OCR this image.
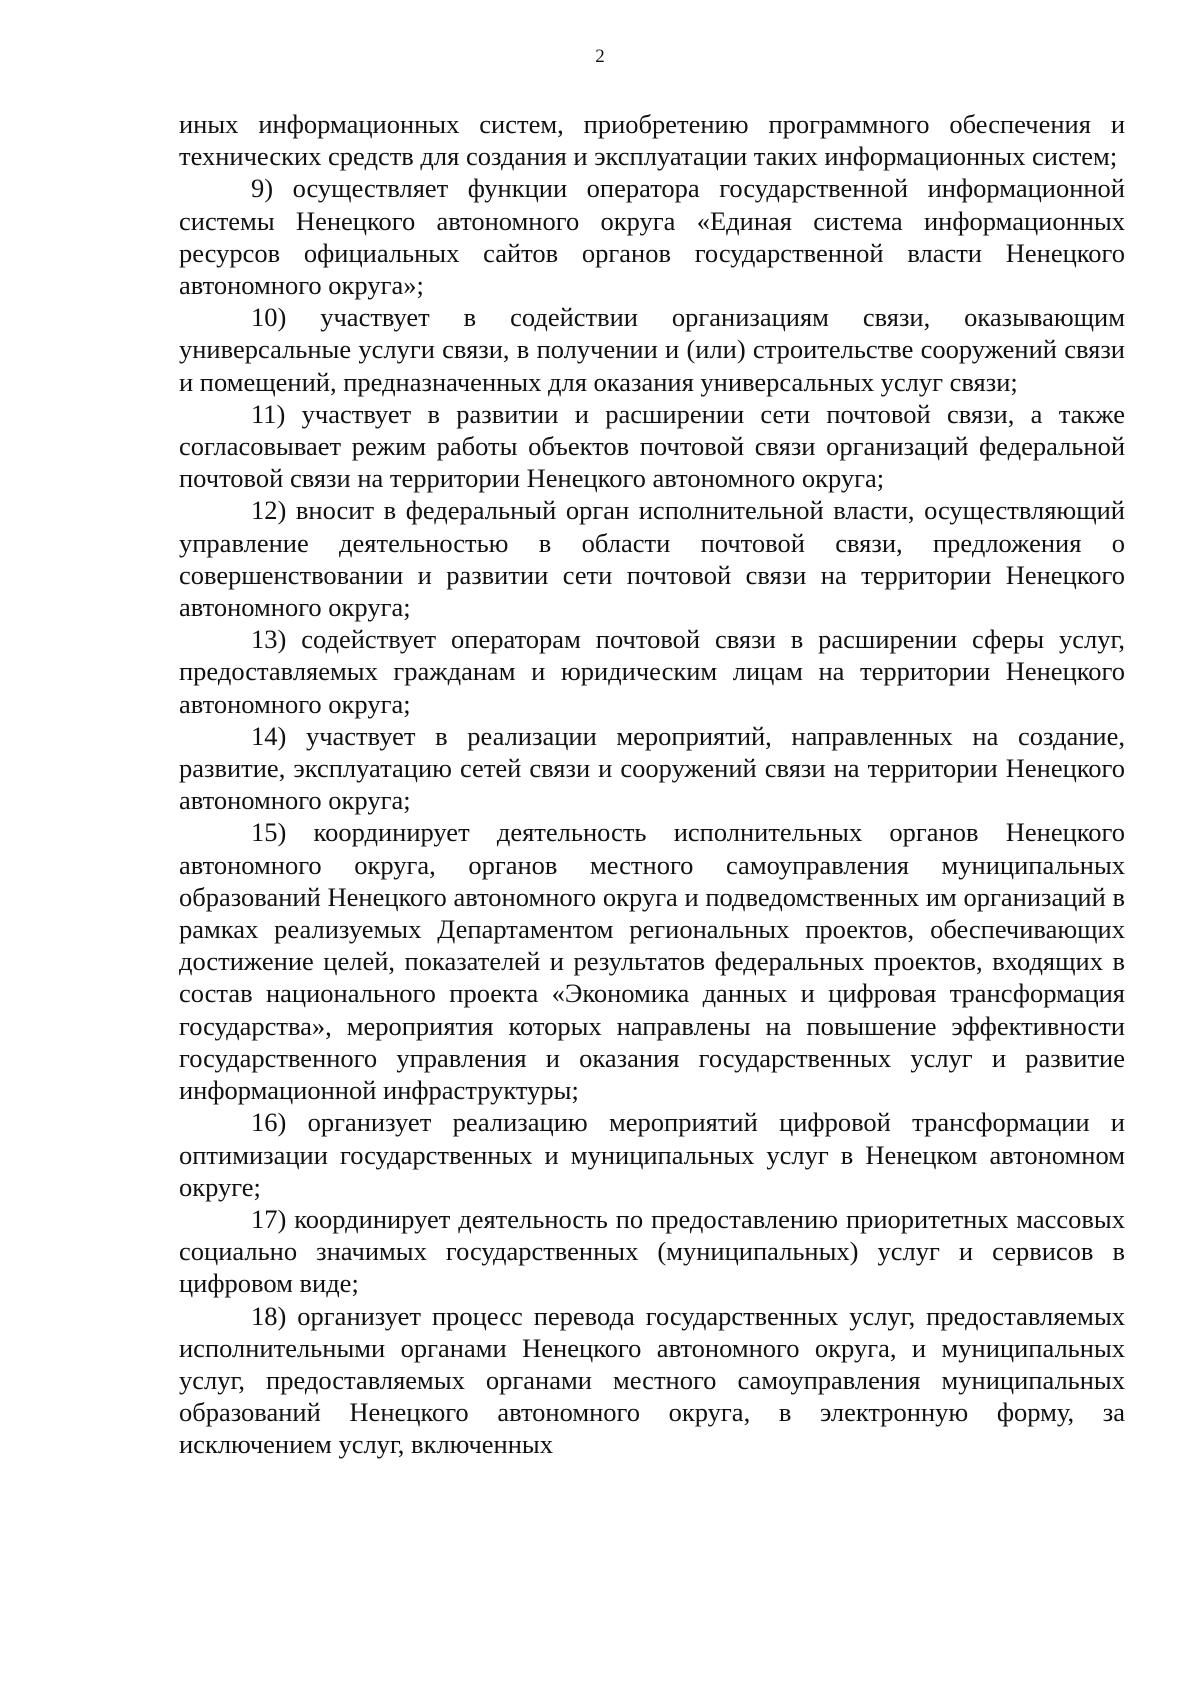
2

иных информационных систем, приобретению программного обеспечения и технических средств для создания и эксплуатации таких информационных систем;

9) осуществляет функции оператора государственной информационной системы Ненецкого автономного округа «Единая система информационных ресурсов официальных сайтов органов государственной власти Ненецкого автономного округа»;

10) участвует в содействии организациям связи, оказывающим универсальные услуги связи, в получении и (или) строительстве сооружений связи и помещений, предназначенных для оказания универсальных услуг связи;

11) участвует в развитии и расширении сети почтовой связи, а также согласовывает режим работы объектов почтовой связи организаций федеральной почтовой связи на территории Ненецкого автономного округа;

12) вносит в федеральный орган исполнительной власти, осуществляющий управление деятельностью в области почтовой связи, предложения о совершенствовании и развитии сети почтовой связи на территории Ненецкого автономного округа;

13) содействует операторам почтовой связи в расширении сферы услуг, предоставляемых гражданам и юридическим лицам на территории Ненецкого автономного округа;

14) участвует в реализации мероприятий, направленных на создание, развитие, эксплуатацию сетей связи и сооружений связи на территории Ненецкого автономного округа;

15) координирует деятельность исполнительных органов Ненецкого автономного округа, органов местного самоуправления муниципальных образований Ненецкого автономного округа и подведомственных им организаций в рамках реализуемых Департаментом региональных проектов, обеспечивающих достижение целей, показателей и результатов федеральных проектов, входящих в состав национального проекта «Экономика данных и цифровая трансформация государства», мероприятия которых направлены на повышение эффективности государственного управления и оказания государственных услуг и развитие информационной инфраструктуры;

16) организует реализацию мероприятий цифровой трансформации и оптимизации государственных и муниципальных услуг в Ненецком автономном округе;

17) координирует деятельность по предоставлению приоритетных массовых социально значимых государственных (муниципальных) услуг и сервисов в цифровом виде;

18) организует процесс перевода государственных услуг, предоставляемых исполнительными органами Ненецкого автономного округа, и муниципальных услуг, предоставляемых органами местного самоуправления муниципальных образований Ненецкого автономного округа, в электронную форму, за исключением услуг, включенных
